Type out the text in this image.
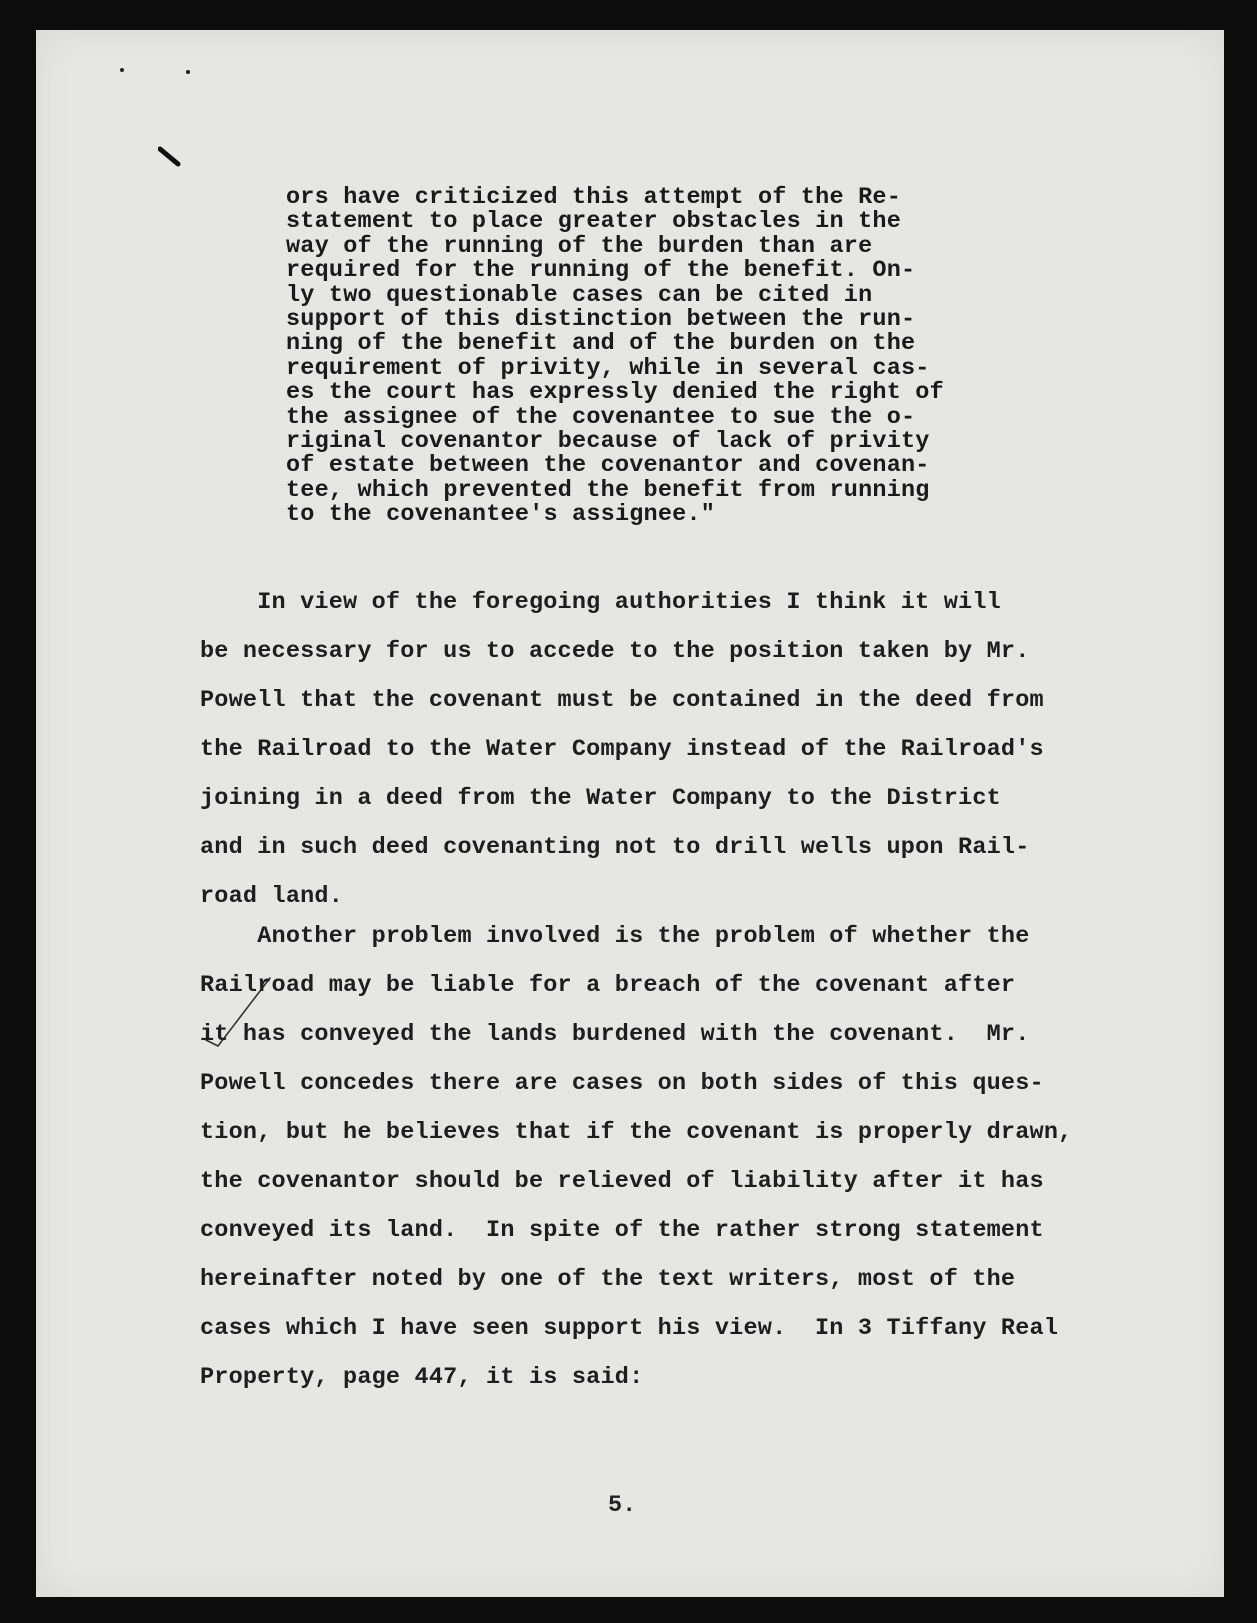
ors have criticized this attempt of the Re-
statement to place greater obstacles in the
way of the running of the burden than are
required for the running of the benefit. On-
ly two questionable cases can be cited in
support of this distinction between the run-
ning of the benefit and of the burden on the
requirement of privity, while in several cas-
es the court has expressly denied the right of
the assignee of the covenantee to sue the o-
riginal covenantor because of lack of privity
of estate between the covenantor and covenan-
tee, which prevented the benefit from running
to the covenantee's assignee."
In view of the foregoing authorities I think it will
be necessary for us to accede to the position taken by Mr.
Powell that the covenant must be contained in the deed from
the Railroad to the Water Company instead of the Railroad's
joining in a deed from the Water Company to the District
and in such deed covenanting not to drill wells upon Rail-
road land.
Another problem involved is the problem of whether the
Railroad may be liable for a breach of the covenant after
it has conveyed the lands burdened with the covenant.  Mr.
Powell concedes there are cases on both sides of this ques-
tion, but he believes that if the covenant is properly drawn,
the covenantor should be relieved of liability after it has
conveyed its land.  In spite of the rather strong statement
hereinafter noted by one of the text writers, most of the
cases which I have seen support his view.  In 3 Tiffany Real
Property, page 447, it is said:
5.
